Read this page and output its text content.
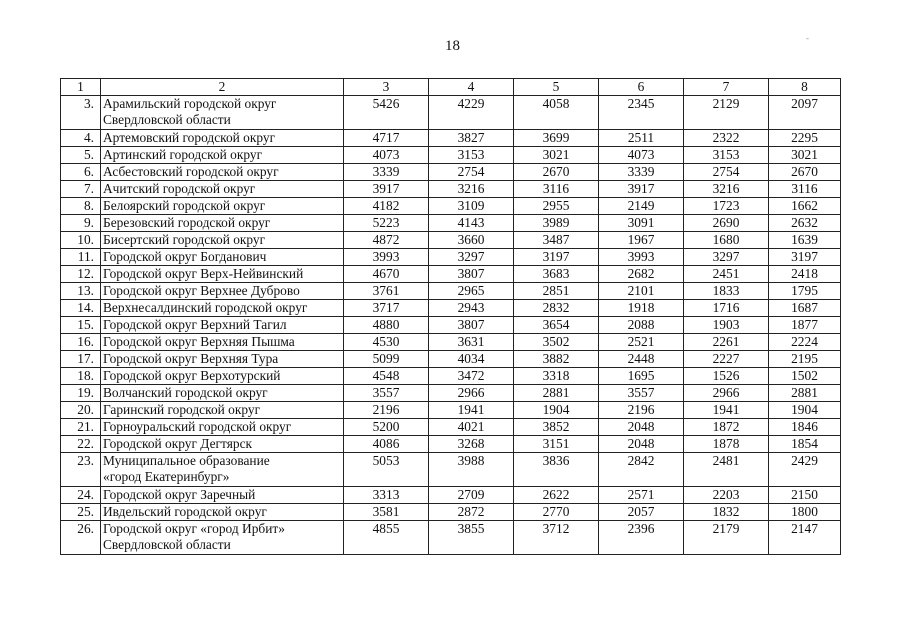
18	-
1	2	3	4	5	6	7	8
3.	Арамильский городской округ
Свердловской области	5426	4229	4058	2345	2129	2097
4.	Артемовский городской округ	4717	3827	3699	2511	2322	2295
5.	Артинский городской округ	4073	3153	3021	4073	3153	3021
6.	Асбестовский городской округ	3339	2754	2670	3339	2754	2670
7.	Ачитский городской округ	3917	3216	3116	3917	3216	3116
8.	Белоярский городской округ	4182	3109	2955	2149	1723	1662
9.	Березовский городской округ	5223	4143	3989	3091	2690	2632
10.	Бисертский городской округ	4872	3660	3487	1967	1680	1639
11.	Городской округ Богданович	3993	3297	3197	3993	3297	3197
12.	Городской округ Верх-Нейвинский	4670	3807	3683	2682	2451	2418
13.	Городской округ Верхнее Дуброво	3761	2965	2851	2101	1833	1795
14.	Верхнесалдинский городской округ	3717	2943	2832	1918	1716	1687
15.	Городской округ Верхний Тагил	4880	3807	3654	2088	1903	1877
16.	Городской округ Верхняя Пышма	4530	3631	3502	2521	2261	2224
17.	Городской округ Верхняя Тура	5099	4034	3882	2448	2227	2195
18.	Городской округ Верхотурский	4548	3472	3318	1695	1526	1502
19.	Волчанский городской округ	3557	2966	2881	3557	2966	2881
20.	Гаринский городской округ	2196	1941	1904	2196	1941	1904
21.	Горноуральский городской округ	5200	4021	3852	2048	1872	1846
22.	Городской округ Дегтярск	4086	3268	3151	2048	1878	1854
23.	Муниципальное образование
«город Екатеринбург»	5053	3988	3836	2842	2481	2429
24.	Городской округ Заречный	3313	2709	2622	2571	2203	2150
25.	Ивдельский городской округ	3581	2872	2770	2057	1832	1800
26.	Городской округ «город Ирбит»
Свердловской области	4855	3855	3712	2396	2179	2147
